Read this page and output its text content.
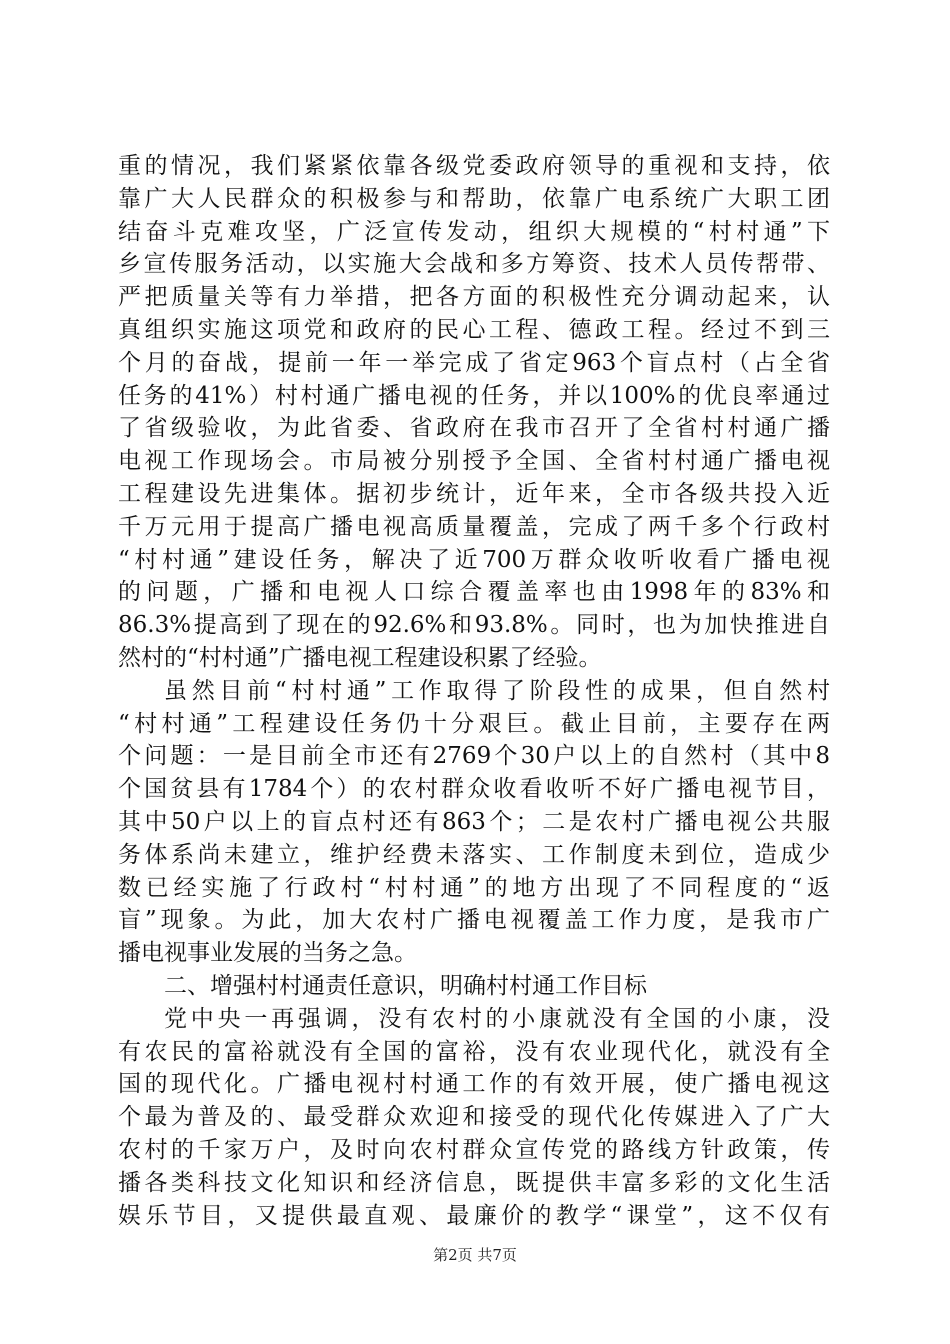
重的情况，我们紧紧依靠各级党委政府领导的重视和支持，依
靠广大人民群众的积极参与和帮助，依靠广电系统广大职工团
结奋斗克难攻坚，广泛宣传发动，组织大规模的“村村通”下
乡宣传服务活动，以实施大会战和多方筹资、技术人员传帮带、
严把质量关等有力举措，把各方面的积极性充分调动起来，认
真组织实施这项党和政府的民心工程、德政工程。经过不到三
个月的奋战，提前一年一举完成了省定963个盲点村（占全省
任务的41%）村村通广播电视的任务，并以100%的优良率通过
了省级验收，为此省委、省政府在我市召开了全省村村通广播
电视工作现场会。市局被分别授予全国、全省村村通广播电视
工程建设先进集体。据初步统计，近年来，全市各级共投入近
千万元用于提高广播电视高质量覆盖，完成了两千多个行政村
“村村通”建设任务，解决了近700万群众收听收看广播电视
的问题，广播和电视人口综合覆盖率也由1998年的83%和
86.3%提高到了现在的92.6%和93.8%。同时，也为加快推进自
然村的“村村通”广播电视工程建设积累了经验。
虽然目前“村村通”工作取得了阶段性的成果，但自然村
“村村通”工程建设任务仍十分艰巨。截止目前，主要存在两
个问题：一是目前全市还有2769个30户以上的自然村（其中8
个国贫县有1784个）的农村群众收看收听不好广播电视节目，
其中50户以上的盲点村还有863个；二是农村广播电视公共服
务体系尚未建立，维护经费未落实、工作制度未到位，造成少
数已经实施了行政村“村村通”的地方出现了不同程度的“返
盲”现象。为此，加大农村广播电视覆盖工作力度，是我市广
播电视事业发展的当务之急。
二、增强村村通责任意识，明确村村通工作目标
党中央一再强调，没有农村的小康就没有全国的小康，没
有农民的富裕就没有全国的富裕，没有农业现代化，就没有全
国的现代化。广播电视村村通工作的有效开展，使广播电视这
个最为普及的、最受群众欢迎和接受的现代化传媒进入了广大
农村的千家万户，及时向农村群众宣传党的路线方针政策，传
播各类科技文化知识和经济信息，既提供丰富多彩的文化生活
娱乐节目，又提供最直观、最廉价的教学“课堂”，这不仅有
第2页 共7页
